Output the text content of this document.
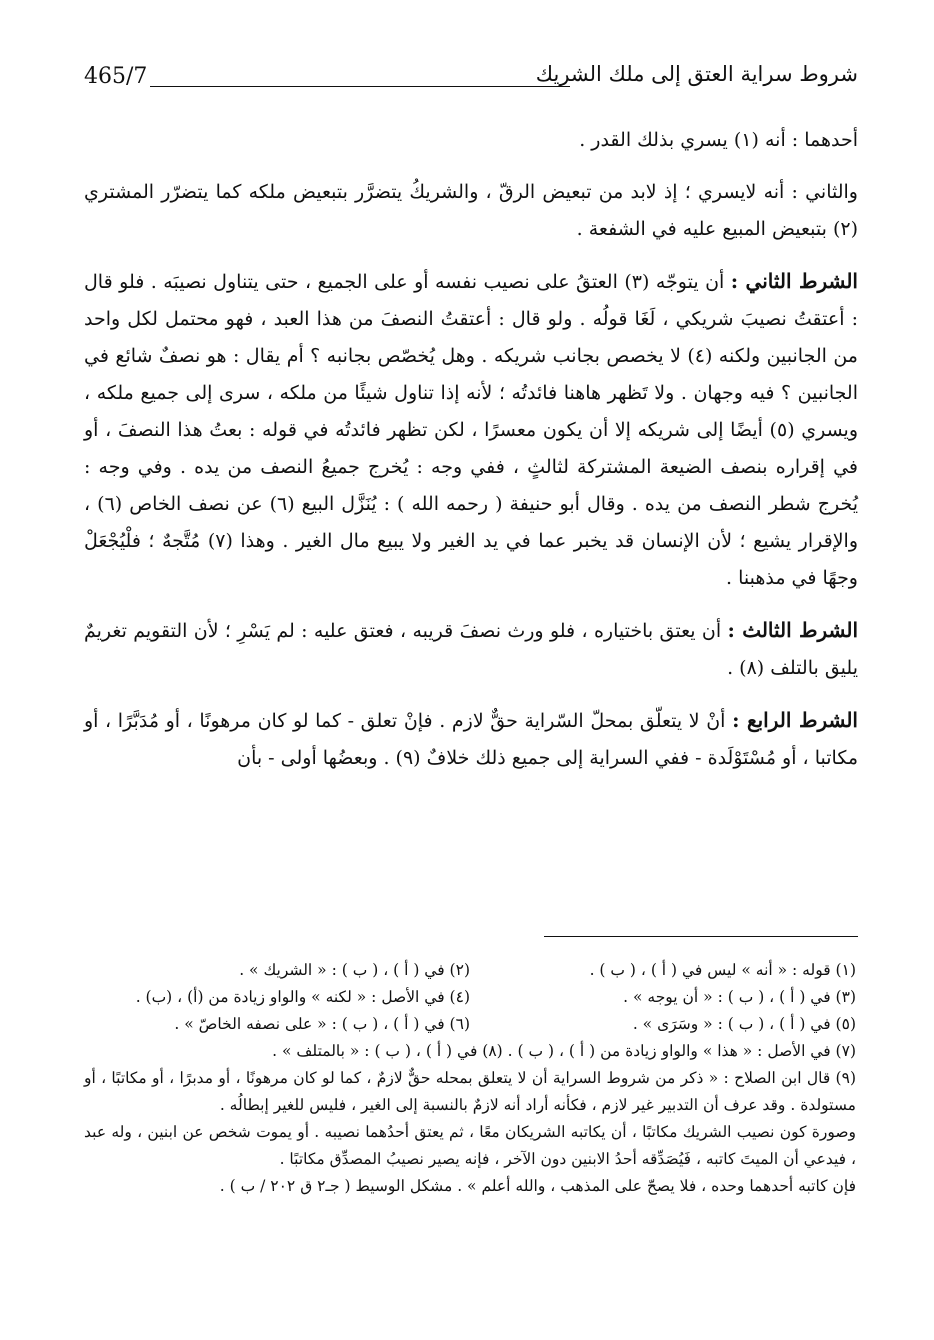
465/7	شروط سراية العتق إلى ملك الشريك

أحدهما : أنه (١) يسري بذلك القدر .

والثاني : أنه لايسري ؛ إذ لابد من تبعيض الرقّ ، والشريكُ يتضرَّر بتبعيض ملكه كما يتضرّر المشتري (٢) بتبعيض المبيع عليه في الشفعة .

الشرط الثاني : أن يتوجّه (٣) العتقُ على نصيب نفسه أو على الجميع ، حتى يتناول نصيبَه . فلو قال : أعتقتُ نصيبَ شريكي ، لَغَا قولُه . ولو قال : أعتقتُ النصفَ من هذا العبد ، فهو محتمل لكل واحد من الجانبين ولكنه (٤) لا يخصص بجانب شريكه . وهل يُخصّص بجانبه ؟ أم يقال : هو نصفٌ شائع في الجانبين ؟ فيه وجهان . ولا تَظهر هاهنا فائدتُه ؛ لأنه إذا تناول شيئًا من ملكه ، سرى إلى جميع ملكه ، ويسري (٥) أيضًا إلى شريكه إلا أن يكون معسرًا ، لكن تظهر فائدتُه في قوله : بعتُ هذا النصفَ ، أو في إقراره بنصف الضيعة المشتركة لثالثٍ ، ففي وجه : يُخرج جميعُ النصف من يده . وفي وجه : يُخرج شطر النصف من يده . وقال أبو حنيفة ( رحمه الله ) : يُنَزَّل البيع (٦) عن نصف الخاص (٦) ، والإقرار يشيع ؛ لأن الإنسان قد يخبر عما في يد الغير ولا يبيع مال الغير . وهذا (٧) مُتَّجهٌ ؛ فلْيُجْعَلْ وجهًا في مذهبنا .

الشرط الثالث : أن يعتق باختياره ، فلو ورث نصفَ قريبه ، فعتق عليه : لم يَسْرِ ؛ لأن التقويم تغريمٌ يليق بالتلف (٨) .

الشرط الرابع : أنْ لا يتعلّق بمحلّ السّراية حقٌّ لازم . فإنْ تعلق - كما لو كان مرهونًا ، أو مُدَبَّرًا ، أو مكاتبا ، أو مُسْتَوْلَدة - ففي السراية إلى جميع ذلك خلافٌ (٩) . وبعضُها أولى - بأن

(١) قوله : « أنه » ليس في ( أ ) ، ( ب ) .
(٢) في ( أ ) ، ( ب ) : « الشريك » .
(٣) في ( أ ) ، ( ب ) : « أن يوجه » .
(٤) في الأصل : « لكنه » والواو زيادة من (أ) ، (ب) .
(٥) في ( أ ) ، ( ب ) : « وسَرَى » .
(٦) في ( أ ) ، ( ب ) : « على نصفه الخاصّ » .
(٧) في الأصل : « هذا » والواو زيادة من ( أ ) ، ( ب ) . (٨) في ( أ ) ، ( ب ) : « بالمتلف » .
(٩) قال ابن الصلاح : « ذكر من شروط السراية أن لا يتعلق بمحله حقٌّ لازمٌ ، كما لو كان مرهونًا ، أو مدبرًا ، أو مكاتبًا ، أو مستولدة . وقد عرف أن التدبير غير لازم ، فكأنه أراد أنه لازمٌ بالنسبة إلى الغير ، فليس للغير إبطالُه .
وصورة كون نصيب الشريك مكاتبًا ، أن يكاتبه الشريكان معًا ، ثم يعتق أحدُهما نصيبه . أو يموت شخص عن ابنين ، وله عبد ، فيدعي أن الميتَ كاتبه ، فَيُصَدِّقه أحدُ الابنين دون الآخر ، فإنه يصير نصيبُ المصدِّق مكاتبًا .
فإن كاتبه أحدهما وحده ، فلا يصحّ على المذهب ، والله أعلم » . مشكل الوسيط ( جـ٢ ق ٢٠٢ / ب ) .
